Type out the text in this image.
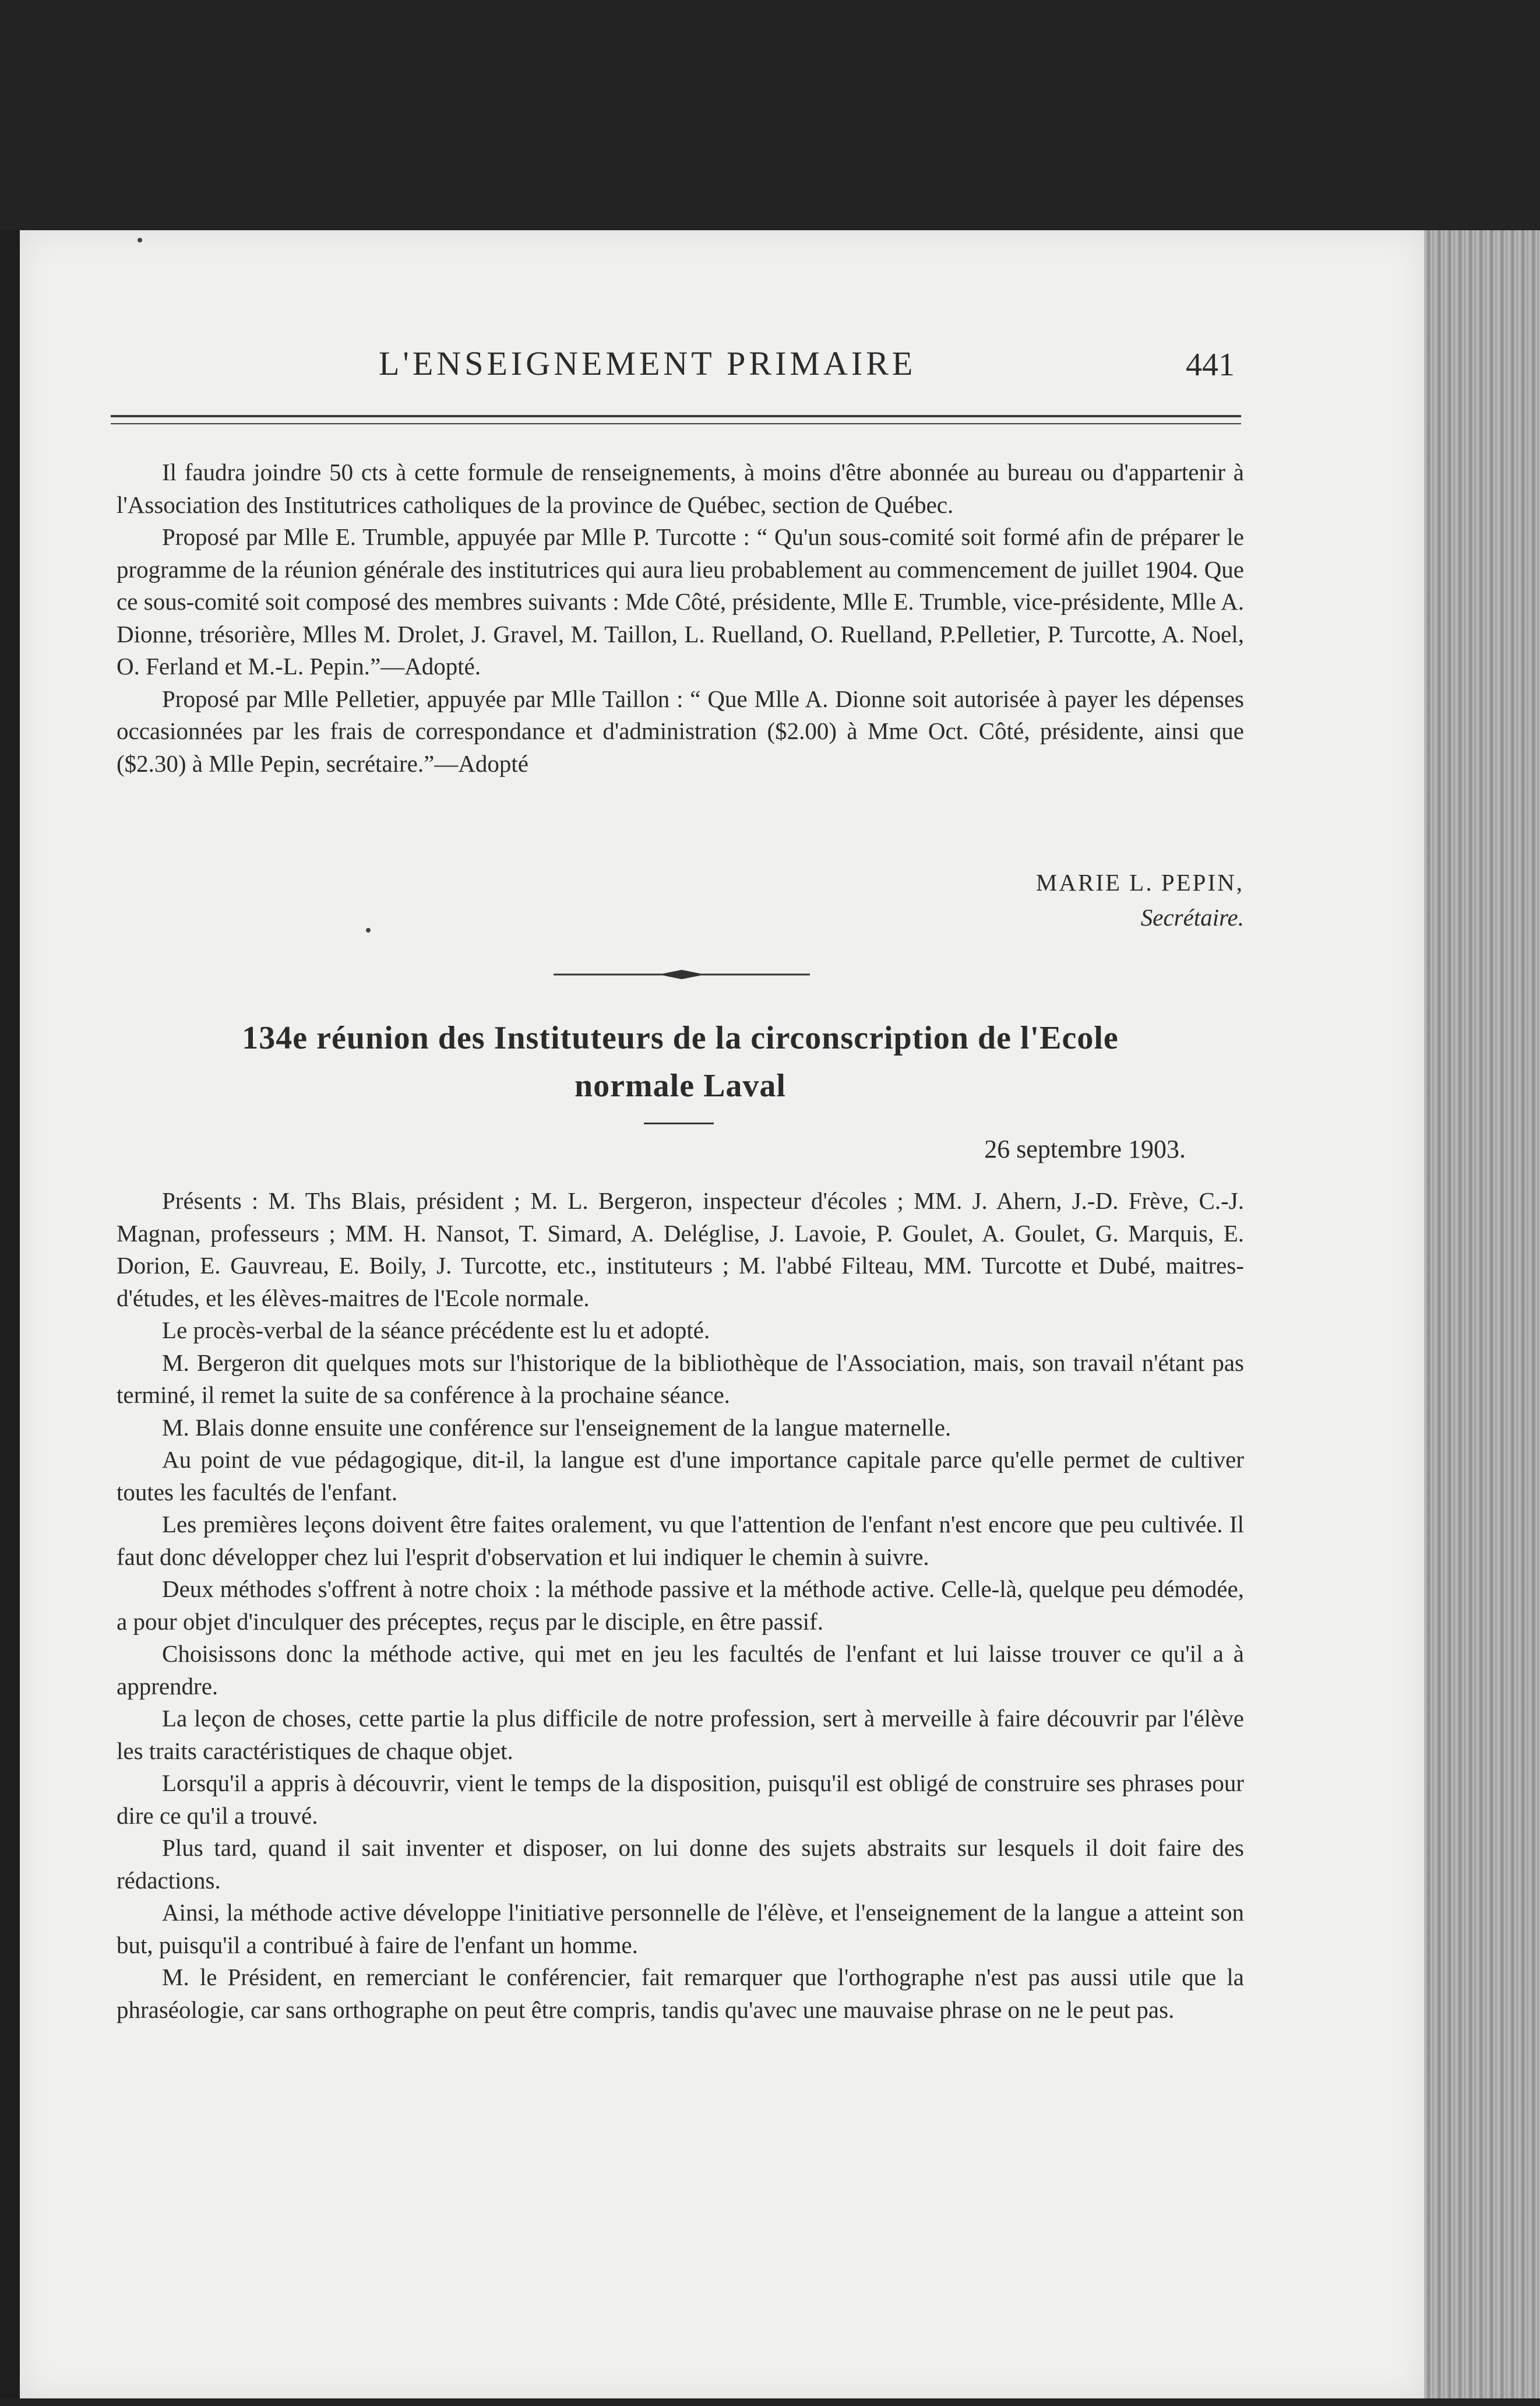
L'ENSEIGNEMENT PRIMAIRE	441

Il faudra joindre 50 cts à cette formule de renseignements, à moins d'être abonnée au bureau ou d'appartenir à l'Association des Institutrices catholiques de la province de Québec, section de Québec.

Proposé par Mlle E. Trumble, appuyée par Mlle P. Turcotte : “ Qu'un sous-comité soit formé afin de préparer le programme de la réunion générale des institutrices qui aura lieu probablement au commencement de juillet 1904. Que ce sous-comité soit composé des membres suivants : Mde Côté, présidente, Mlle E. Trumble, vice-présidente, Mlle A. Dionne, trésorière, Mlles M. Drolet, J. Gravel, M. Taillon, L. Ruelland, O. Ruelland, P.Pelletier, P. Turcotte, A. Noel, O. Ferland et M.-L. Pepin.”—Adopté.

Proposé par Mlle Pelletier, appuyée par Mlle Taillon : “ Que Mlle A. Dionne soit autorisée à payer les dépenses occasionnées par les frais de correspondance et d'administration ($2.00) à Mme Oct. Côté, présidente, ainsi que ($2.30) à Mlle Pepin, secrétaire.”—Adopté

MARIE L. PEPIN,
Secrétaire.
134e réunion des Instituteurs de la circonscription de l'Ecole
normale Laval
26 septembre 1903.

Présents : M. Ths Blais, président ; M. L. Bergeron, inspecteur d'écoles ; MM. J. Ahern, J.-D. Frève, C.-J. Magnan, professeurs ; MM. H. Nansot, T. Simard, A. Deléglise, J. Lavoie, P. Goulet, A. Goulet, G. Marquis, E. Dorion, E. Gauvreau, E. Boily, J. Turcotte, etc., instituteurs ; M. l'abbé Filteau, MM. Turcotte et Dubé, maitres-d'études, et les élèves-maitres de l'Ecole normale.

Le procès-verbal de la séance précédente est lu et adopté.

M. Bergeron dit quelques mots sur l'historique de la bibliothèque de l'Association, mais, son travail n'étant pas terminé, il remet la suite de sa conférence à la prochaine séance.

M. Blais donne ensuite une conférence sur l'enseignement de la langue maternelle.

Au point de vue pédagogique, dit-il, la langue est d'une importance capitale parce qu'elle permet de cultiver toutes les facultés de l'enfant.

Les premières leçons doivent être faites oralement, vu que l'attention de l'enfant n'est encore que peu cultivée. Il faut donc développer chez lui l'esprit d'observation et lui indiquer le chemin à suivre.

Deux méthodes s'offrent à notre choix : la méthode passive et la méthode active. Celle-là, quelque peu démodée, a pour objet d'inculquer des préceptes, reçus par le disciple, en être passif.

Choisissons donc la méthode active, qui met en jeu les facultés de l'enfant et lui laisse trouver ce qu'il a à apprendre.

La leçon de choses, cette partie la plus difficile de notre profession, sert à merveille à faire découvrir par l'élève les traits caractéristiques de chaque objet.

Lorsqu'il a appris à découvrir, vient le temps de la disposition, puisqu'il est obligé de construire ses phrases pour dire ce qu'il a trouvé.

Plus tard, quand il sait inventer et disposer, on lui donne des sujets abstraits sur lesquels il doit faire des rédactions.

Ainsi, la méthode active développe l'initiative personnelle de l'élève, et l'enseignement de la langue a atteint son but, puisqu'il a contribué à faire de l'enfant un homme.

M. le Président, en remerciant le conférencier, fait remarquer que l'orthographe n'est pas aussi utile que la phraséologie, car sans orthographe on peut être compris, tandis qu'avec une mauvaise phrase on ne le peut pas.
